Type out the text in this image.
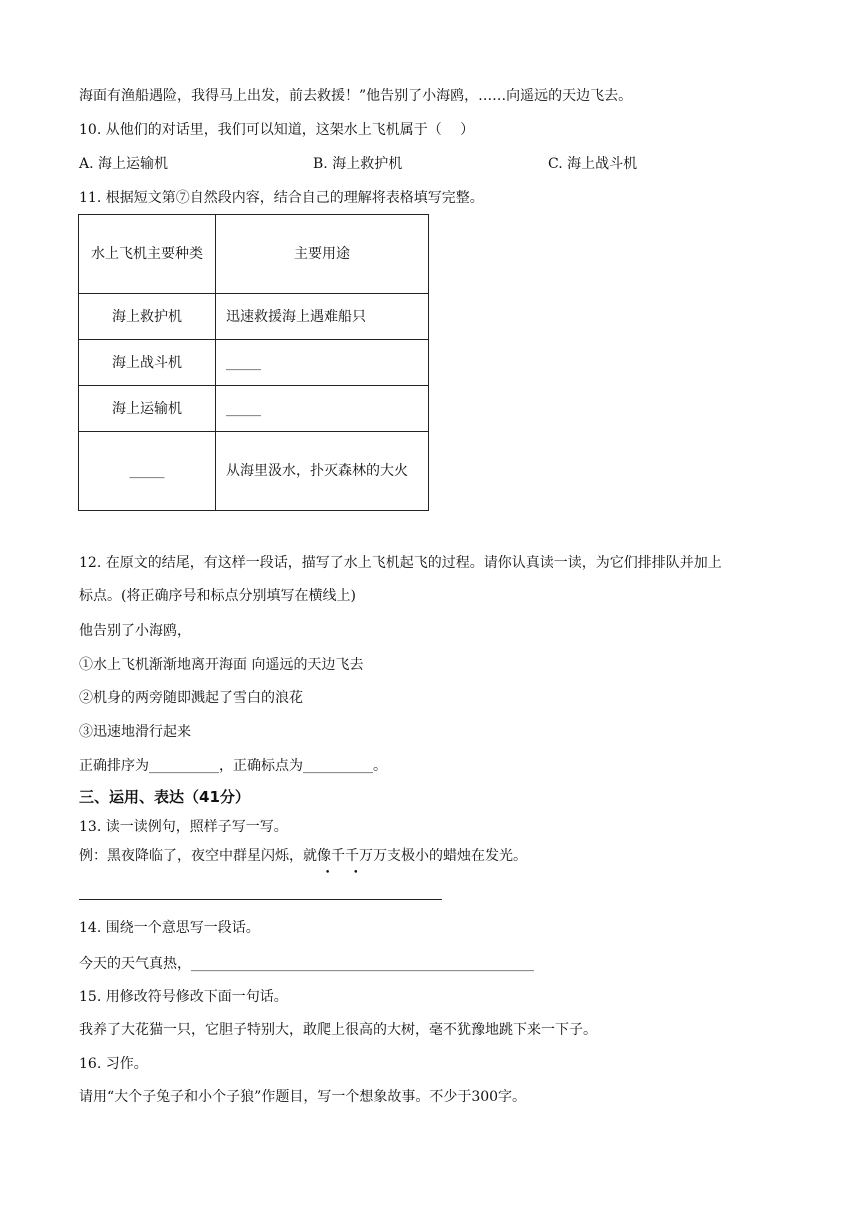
海面有渔船遇险，我得马上出发，前去救援！”他告别了小海鸥，……向遥远的天边飞去。
10. 从他们的对话里，我们可以知道，这架水上飞机属于（　 ）
A. 海上运输机	B. 海上救护机	C. 海上战斗机
11. 根据短文第⑦自然段内容，结合自己的理解将表格填写完整。
水上飞机主要种类	主要用途
海上救护机	迅速救援海上遇难船只
海上战斗机	_____
海上运输机	_____
_____	从海里汲水，扑灭森林的大火
12. 在原文的结尾，有这样一段话，描写了水上飞机起飞的过程。请你认真读一读，为它们排排队并加上
标点。(将正确序号和标点分别填写在横线上)
他告别了小海鸥，
①水上飞机渐渐地离开海面 向遥远的天边飞去
②机身的两旁随即溅起了雪白的浪花
③迅速地滑行起来
正确排序为__________，正确标点为__________。
三、运用、表达（41分）
13. 读一读例句，照样子写一写。
例：黑夜降临了，夜空中群星闪烁，就像千千万万支极小的蜡烛在发光。
• •
14. 围绕一个意思写一段话。
今天的天气真热，_________________________________________________
15. 用修改符号修改下面一句话。
我养了大花猫一只，它胆子特别大，敢爬上很高的大树，毫不犹豫地跳下来一下子。
16. 习作。
请用“大个子兔子和小个子狼”作题目，写一个想象故事。不少于300字。
